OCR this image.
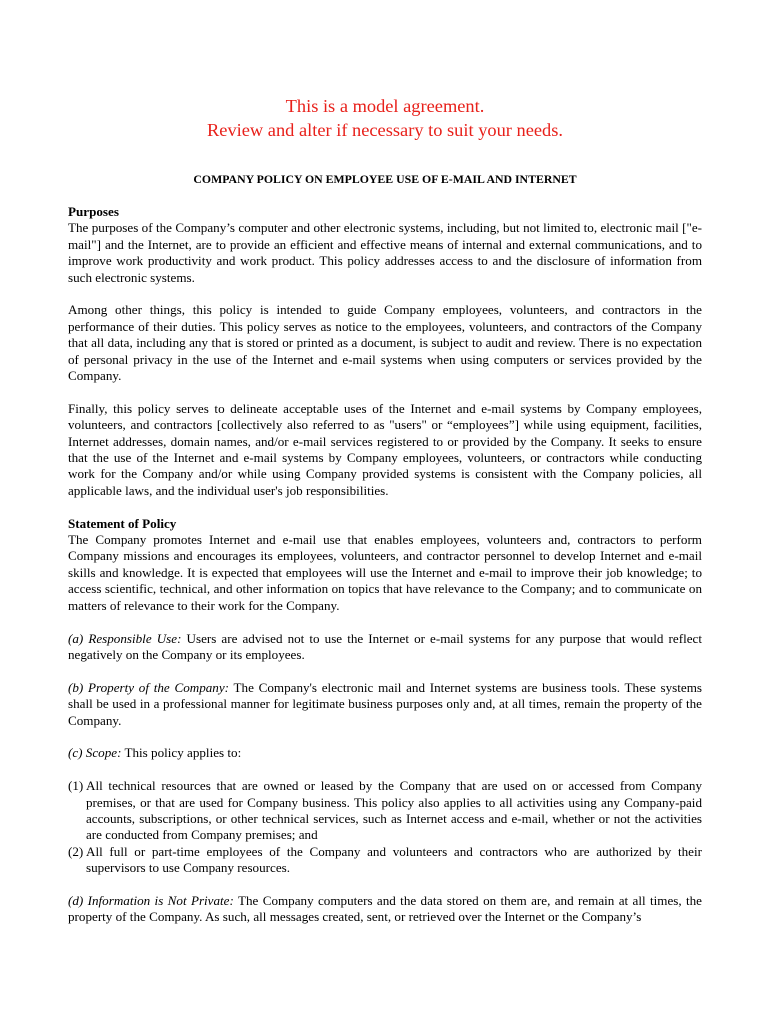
This is a model agreement.
Review and alter if necessary to suit your needs.
COMPANY POLICY ON EMPLOYEE USE OF E-MAIL AND INTERNET
Purposes

The purposes of the Company’s computer and other electronic systems, including, but not limited to, electronic mail ["e-mail"] and the Internet, are to provide an efficient and effective means of internal and external communications, and to improve work productivity and work product. This policy addresses access to and the disclosure of information from such electronic systems.

Among other things, this policy is intended to guide Company employees, volunteers, and contractors in the performance of their duties. This policy serves as notice to the employees, volunteers, and contractors of the Company that all data, including any that is stored or printed as a document, is subject to audit and review. There is no expectation of personal privacy in the use of the Internet and e-mail systems when using computers or services provided by the Company.

Finally, this policy serves to delineate acceptable uses of the Internet and e-mail systems by Company employees, volunteers, and contractors [collectively also referred to as "users" or “employees”] while using equipment, facilities, Internet addresses, domain names, and/or e-mail services registered to or provided by the Company. It seeks to ensure that the use of the Internet and e-mail systems by Company employees, volunteers, or contractors while conducting work for the Company and/or while using Company provided systems is consistent with the Company policies, all applicable laws, and the individual user's job responsibilities.

Statement of Policy

The Company promotes Internet and e-mail use that enables employees, volunteers and, contractors to perform Company missions and encourages its employees, volunteers, and contractor personnel to develop Internet and e-mail skills and knowledge. It is expected that employees will use the Internet and e-mail to improve their job knowledge; to access scientific, technical, and other information on topics that have relevance to the Company; and to communicate on matters of relevance to their work for the Company.

(a) Responsible Use: Users are advised not to use the Internet or e-mail systems for any purpose that would reflect negatively on the Company or its employees.

(b) Property of the Company: The Company's electronic mail and Internet systems are business tools. These systems shall be used in a professional manner for legitimate business purposes only and, at all times, remain the property of the Company.

(c) Scope: This policy applies to:

(1) All technical resources that are owned or leased by the Company that are used on or accessed from Company premises, or that are used for Company business. This policy also applies to all activities using any Company-paid accounts, subscriptions, or other technical services, such as Internet access and e-mail, whether or not the activities are conducted from Company premises; and

(2) All full or part-time employees of the Company and volunteers and contractors who are authorized by their supervisors to use Company resources.

(d) Information is Not Private: The Company computers and the data stored on them are, and remain at all times, the property of the Company. As such, all messages created, sent, or retrieved over the Internet or the Company’s
